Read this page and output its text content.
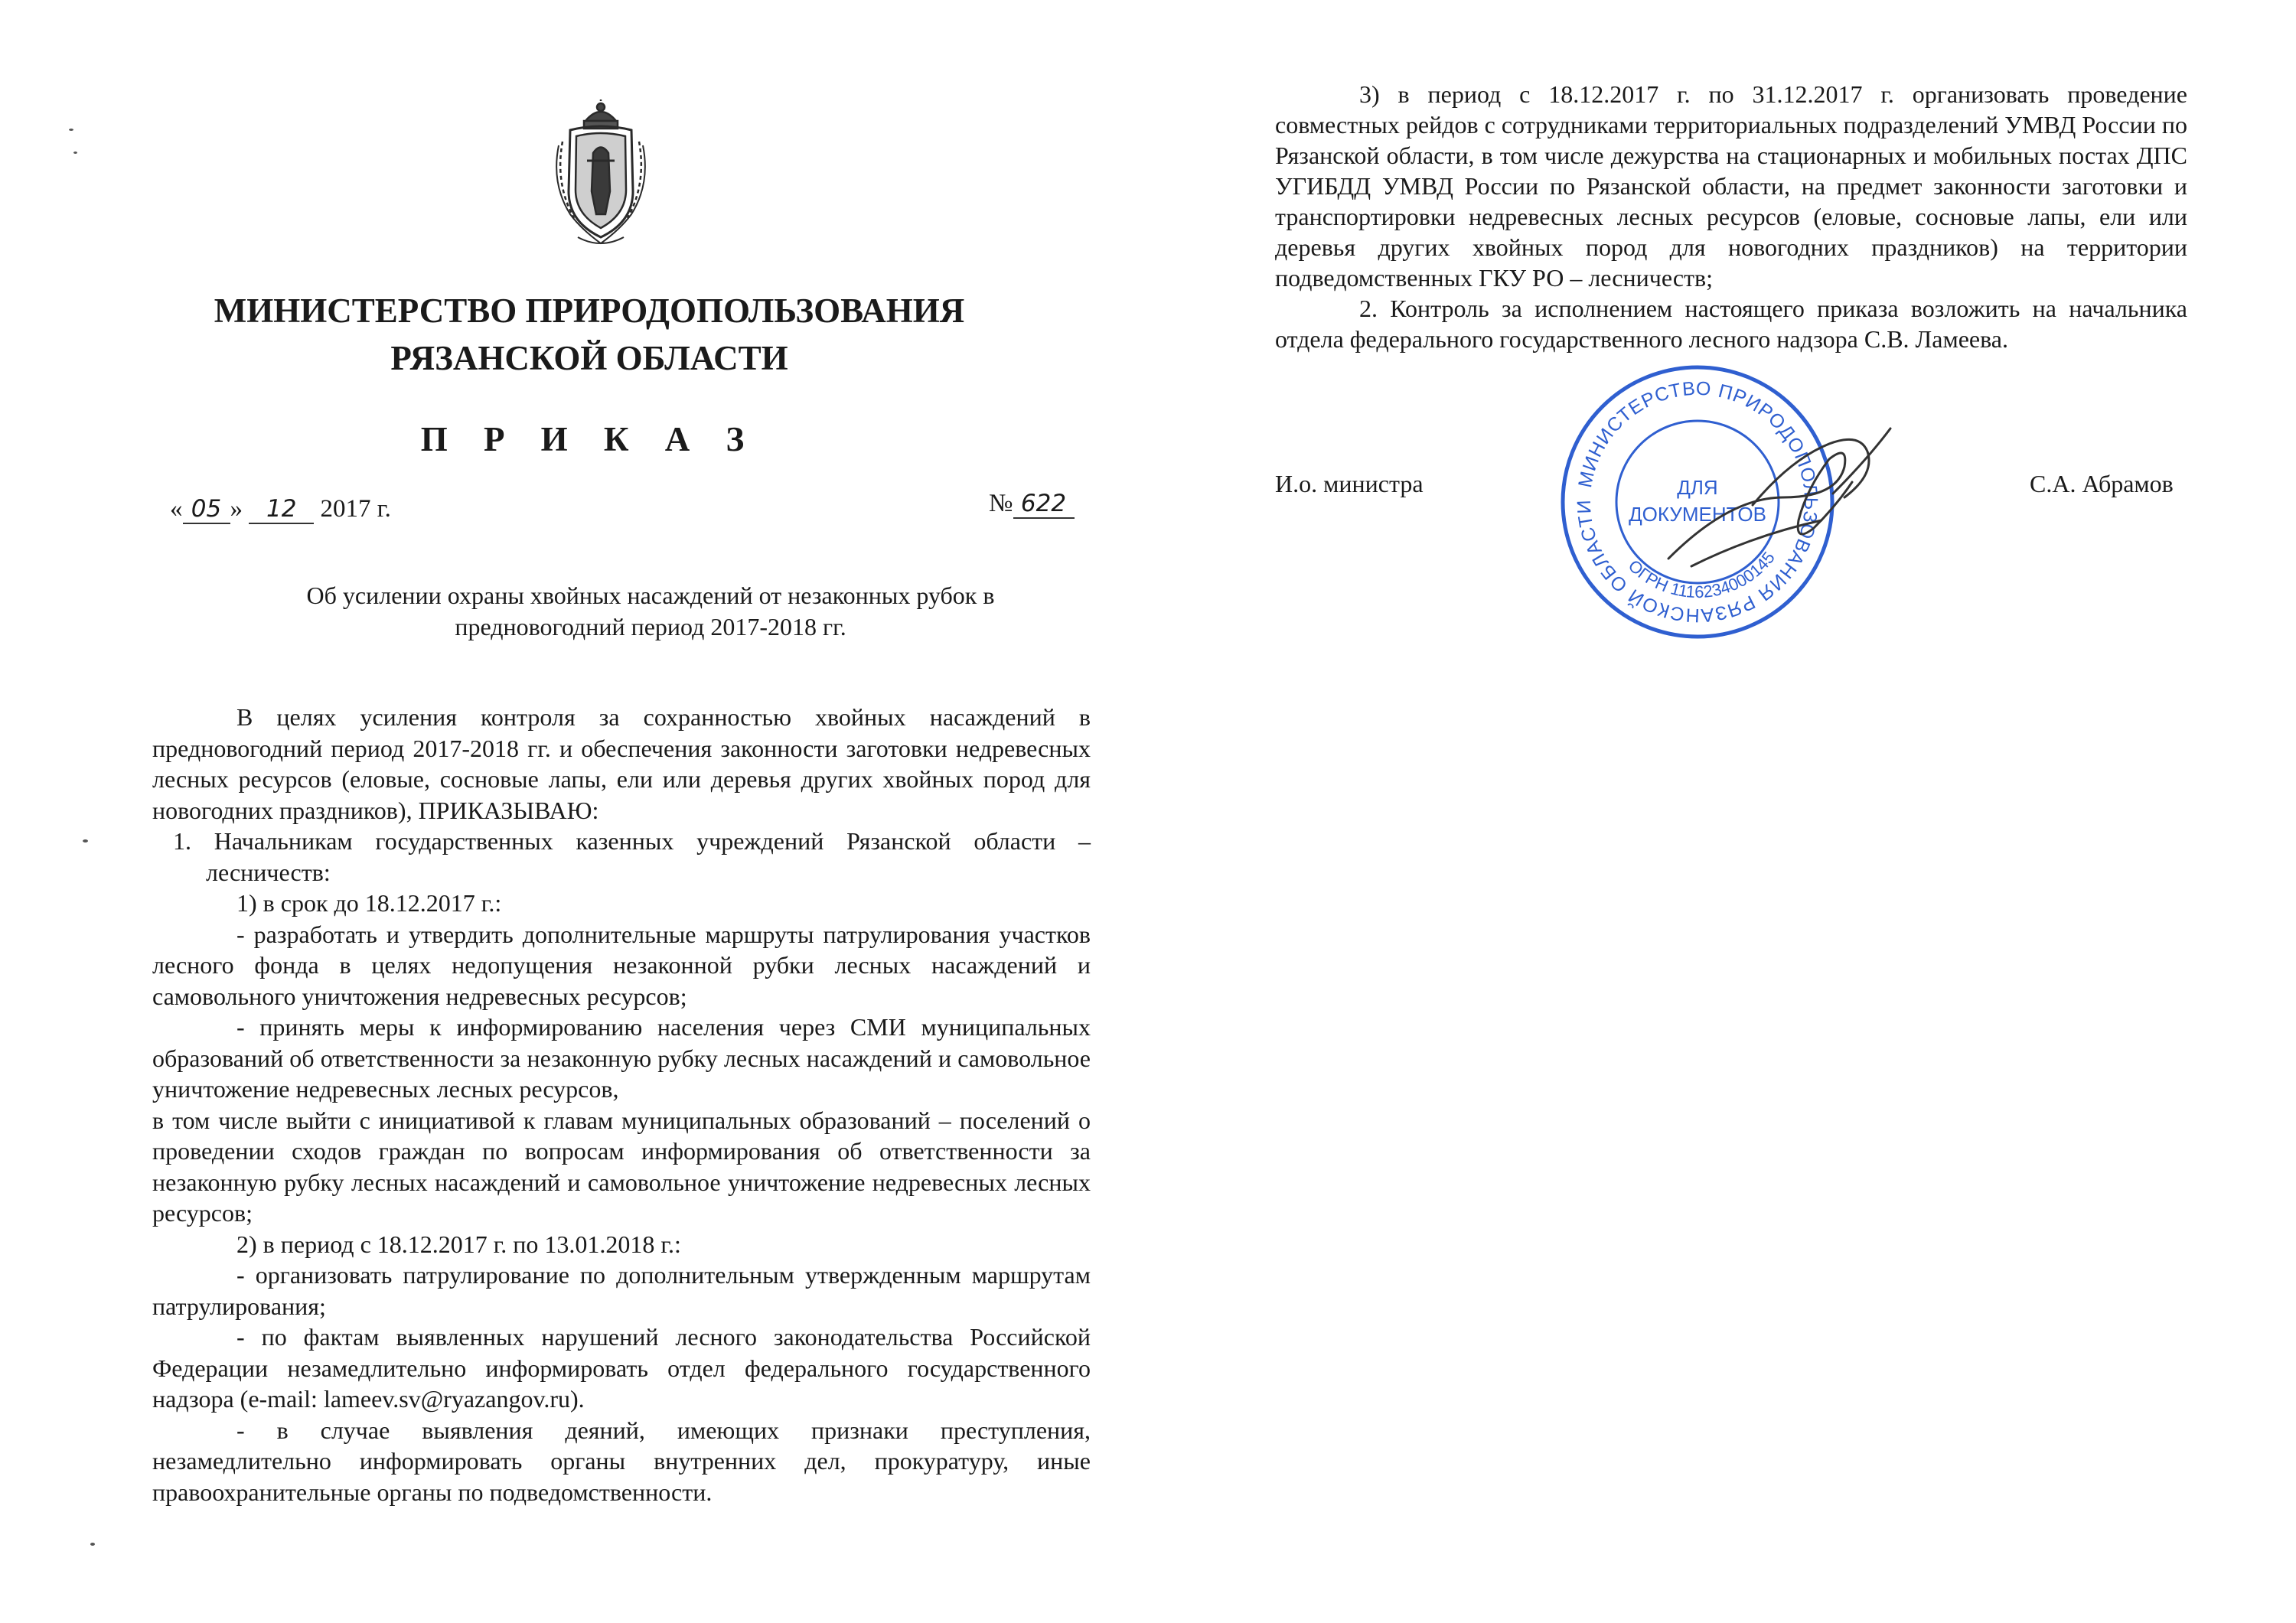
МИНИСТЕРСТВО ПРИРОДОПОЛЬЗОВАНИЯ
РЯЗАНСКОЙ ОБЛАСТИ
П Р И К А З
« 05 » 12 2017 г.	№ 622
Об усилении охраны хвойных насаждений от незаконных рубок в
предновогодний период 2017-2018 гг.

В целях усиления контроля за сохранностью хвойных насаждений в предновогодний период 2017-2018 гг. и обеспечения законности заготовки недревесных лесных ресурсов (еловые, сосновые лапы, ели или деревья других хвойных пород для новогодних праздников), ПРИКАЗЫВАЮ:

1. Начальникам государственных казенных учреждений Рязанской области – лесничеств:

1) в срок до 18.12.2017 г.:

- разработать и утвердить дополнительные маршруты патрулирования участков лесного фонда в целях недопущения незаконной рубки лесных насаждений и самовольного уничтожения недревесных ресурсов;

- принять меры к информированию населения через СМИ муниципальных образований об ответственности за незаконную рубку лесных насаждений и самовольное уничтожение недревесных лесных ресурсов,

в том числе выйти с инициативой к главам муниципальных образований – поселений о проведении сходов граждан по вопросам информирования об ответственности за незаконную рубку лесных насаждений и самовольное уничтожение недревесных лесных ресурсов;

2) в период с 18.12.2017 г. по 13.01.2018 г.:

- организовать патрулирование по дополнительным утвержденным маршрутам патрулирования;

- по фактам выявленных нарушений лесного законодательства Российской Федерации незамедлительно информировать отдел федерального государственного надзора (e-mail: lameev.sv@ryazangov.ru).

- в случае выявления деяний, имеющих признаки преступления, незамедлительно информировать органы внутренних дел, прокуратуру, иные правоохранительные органы по подведомственности.

3) в период с 18.12.2017 г. по 31.12.2017 г. организовать проведение совместных рейдов с сотрудниками территориальных подразделений УМВД России по Рязанской области, в том числе дежурства на стационарных и мобильных постах ДПС УГИБДД УМВД России по Рязанской области, на предмет законности заготовки и транспортировки недревесных лесных ресурсов (еловые, сосновые лапы, ели или деревья других хвойных пород для новогодних праздников) на территории подведомственных ГКУ РО – лесничеств;

2. Контроль за исполнением настоящего приказа возложить на начальника отдела федерального государственного лесного надзора С.В. Ламеева.

И.о. министра	С.А. Абрамов
МИНИСТЕРСТВО ПРИРОДОПОЛЬЗОВАНИЯ РЯЗАНСКОЙ ОБЛАСТИ
ОГРН 1116234000145
ДЛЯ
ДОКУМЕНТОВ
